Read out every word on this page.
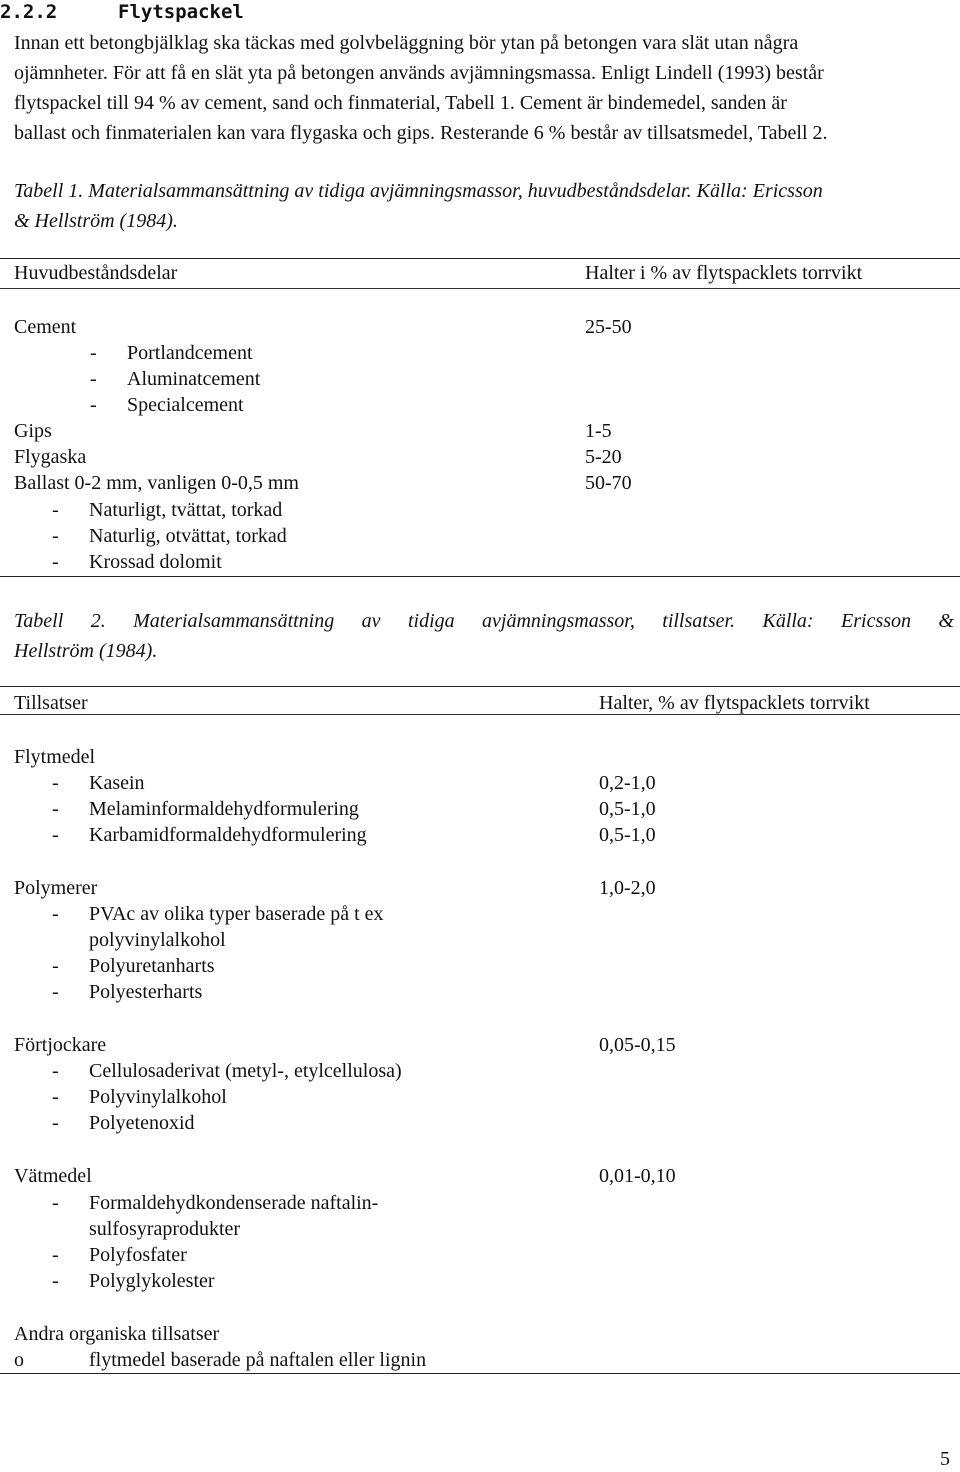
2.2.2	Flytspackel
Innan ett betongbjälklag ska täckas med golvbeläggning bör ytan på betongen vara slät utan några
ojämnheter. För att få en slät yta på betongen används avjämningsmassa. Enligt Lindell (1993) består
flytspackel till 94 % av cement, sand och finmaterial, Tabell 1. Cement är bindemedel, sanden är
ballast och finmaterialen kan vara flygaska och gips. Resterande 6 % består av tillsatsmedel, Tabell 2.
Tabell 1. Materialsammansättning av tidiga avjämningsmassor, huvudbeståndsdelar. Källa: Ericsson
& Hellström (1984).
Huvudbeståndsdelar	Halter i % av flytspacklets torrvikt
Cement	25-50
- Portlandcement
- Aluminatcement
- Specialcement
Gips	1-5
Flygaska	5-20
Ballast 0-2 mm, vanligen 0-0,5 mm	50-70
- Naturligt, tvättat, torkad
- Naturlig, otvättat, torkad
- Krossad dolomit
Tabell 2. Materialsammansättning av tidiga avjämningsmassor, tillsatser. Källa: Ericsson &
Hellström (1984).
Tillsatser	Halter, % av flytspacklets torrvikt
Flytmedel
- Kasein	0,2-1,0
- Melaminformaldehydformulering	0,5-1,0
- Karbamidformaldehydformulering	0,5-1,0
Polymerer	1,0-2,0
- PVAc av olika typer baserade på t ex
polyvinylalkohol
- Polyuretanharts
- Polyesterharts
Förtjockare	0,05-0,15
- Cellulosaderivat (metyl-, etylcellulosa)
- Polyvinylalkohol
- Polyetenoxid
Vätmedel	0,01-0,10
- Formaldehydkondenserade naftalin-
sulfosyraprodukter
- Polyfosfater
- Polyglykolester
Andra organiska tillsatser
o	flytmedel baserade på naftalen eller lignin
5
